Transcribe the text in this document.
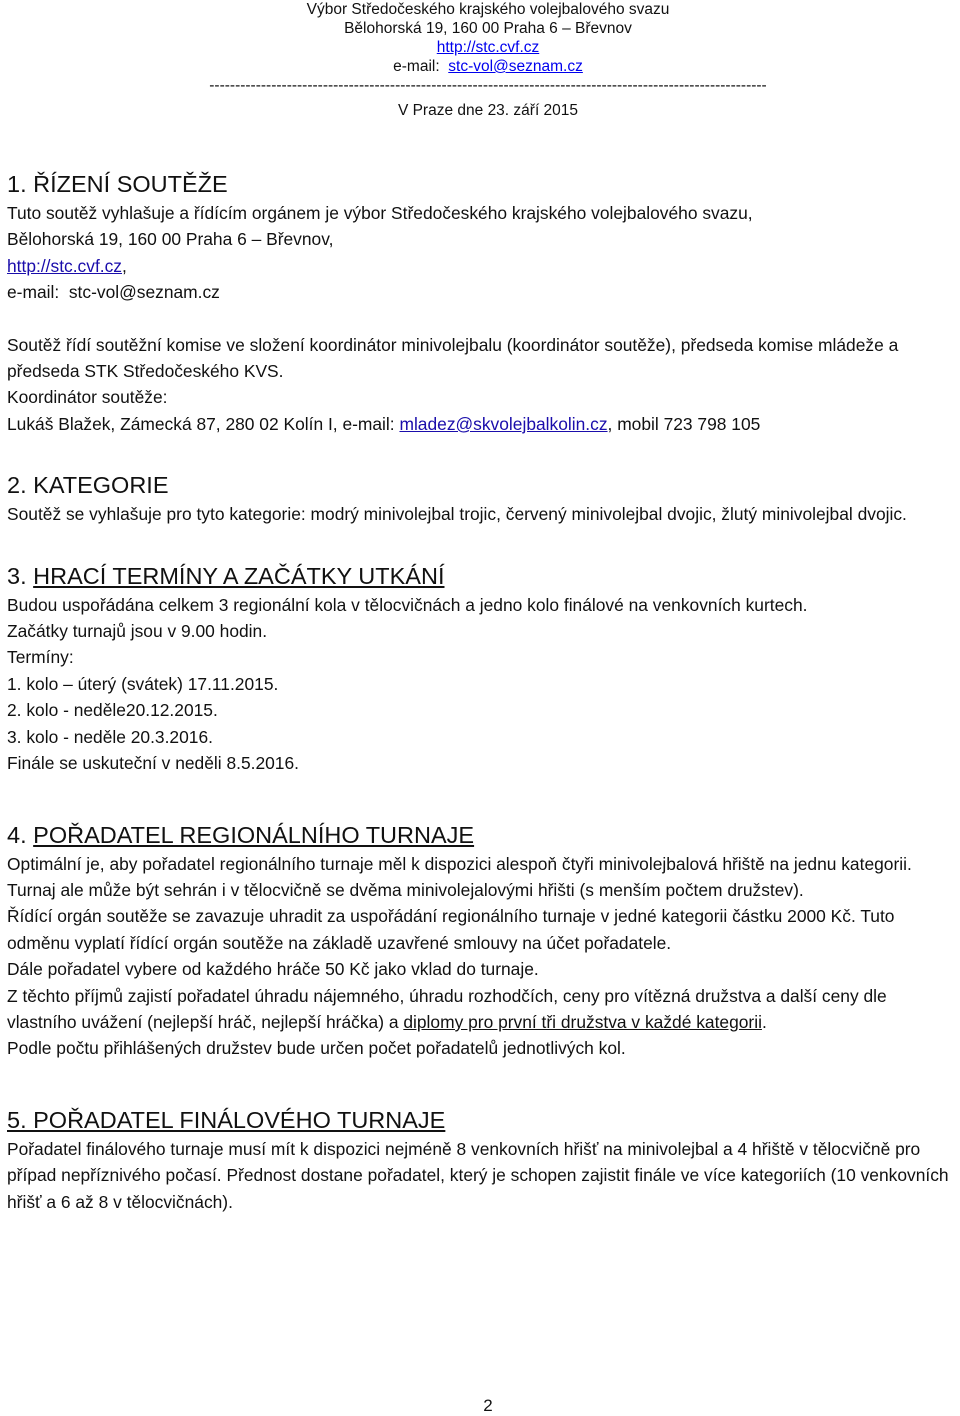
Výbor Středočeského krajského volejbalového svazu
Bělohorská 19, 160 00 Praha 6 – Břevnov
http://stc.cvf.cz
e-mail: stc-vol@seznam.cz
------------------------------------------------------------------------------------------------------------
V Praze dne 23. září 2015
1. ŘÍZENÍ SOUTĚŽE

Tuto soutěž vyhlašuje a řídícím orgánem je výbor Středočeského krajského volejbalového svazu,

Bělohorská 19, 160 00 Praha 6 – Břevnov,

http://stc.cvf.cz,

e-mail: stc-vol@seznam.cz

Soutěž řídí soutěžní komise ve složení koordinátor minivolejbalu (koordinátor soutěže), předseda komise mládeže a předseda STK Středočeského KVS.

Koordinátor soutěže:

Lukáš Blažek, Zámecká 87, 280 02 Kolín I, e-mail: mladez@skvolejbalkolin.cz, mobil 723 798 105

2. KATEGORIE

Soutěž se vyhlašuje pro tyto kategorie: modrý minivolejbal trojic, červený minivolejbal dvojic, žlutý minivolejbal dvojic.

3. HRACÍ TERMÍNY A ZAČÁTKY UTKÁNÍ

Budou uspořádána celkem 3 regionální kola v tělocvičnách a jedno kolo finálové na venkovních kurtech.

Začátky turnajů jsou v 9.00 hodin.

Termíny:

1. kolo – úterý (svátek) 17.11.2015.

2. kolo - neděle20.12.2015.

3. kolo - neděle 20.3.2016.

Finále se uskuteční v neděli 8.5.2016.

4. POŘADATEL REGIONÁLNÍHO TURNAJE

Optimální je, aby pořadatel regionálního turnaje měl k dispozici alespoň čtyři minivolejbalová hřiště na jednu kategorii. Turnaj ale může být sehrán i v tělocvičně se dvěma minivolejalovými hřišti (s menším počtem družstev).

Řídící orgán soutěže se zavazuje uhradit za uspořádání regionálního turnaje v jedné kategorii částku 2000 Kč. Tuto odměnu vyplatí řídící orgán soutěže na základě uzavřené smlouvy na účet pořadatele.

Dále pořadatel vybere od každého hráče 50 Kč jako vklad do turnaje.

Z těchto příjmů zajistí pořadatel úhradu nájemného, úhradu rozhodčích, ceny pro vítězná družstva a další ceny dle vlastního uvážení (nejlepší hráč, nejlepší hráčka) a diplomy pro první tři družstva v každé kategorii.

Podle počtu přihlášených družstev bude určen počet pořadatelů jednotlivých kol.

5. POŘADATEL FINÁLOVÉHO TURNAJE

Pořadatel finálového turnaje musí mít k dispozici nejméně 8 venkovních hřišť na minivolejbal a 4 hřiště v tělocvičně pro případ nepříznivého počasí. Přednost dostane pořadatel, který je schopen zajistit finále ve více kategoriích (10 venkovních hřišť a 6 až 8 v tělocvičnách).

2
